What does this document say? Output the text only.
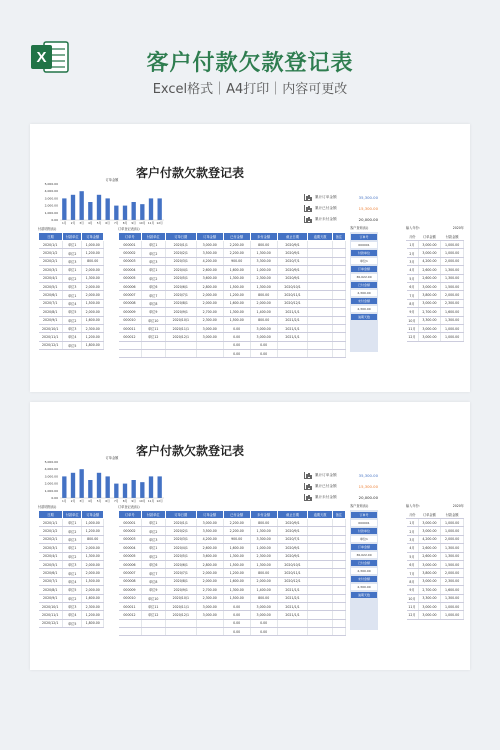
X	客户付款欠款登记表
Excel格式｜A4打印｜内容可更改
客户付款欠款登记表
订单金额
0.00
1,000.00
2,000.00
3,000.00
4,000.00
5,000.00
1月 2月 3月 4月 5月 6月 7月 8月 9月 10月 11月 12月
累计订单金额	35,300.00
累计已付金额	15,300.00
累计未付金额	20,000.00
付款明细(标)
日期	付款单位	订单金额
2020/1/1	单位1	1,000.00
2020/1/2	单位2	1,200.00
2020/2/1	单位3	800.00
2020/3/1	单位1	2,000.00
2020/4/1	单位2	1,300.00
2020/5/1	单位3	2,000.00
2020/6/1	单位1	2,000.00
2020/7/1	单位4	1,500.00
2020/8/1	单位5	2,000.00
2020/9/1	单位2	1,600.00
2020/10/1	单位3	2,300.00
2020/11/1	单位4	1,200.00
2020/12/1	单位5	1,800.00
订单登记表(标)
订单号	付款单位	订单日期	订单金额	已付金额	未付金额	截止日期	逾期天数	备注
000001	单位1	2020/1/1	3,000.00	2,200.00	800.00	2020/9/1		
000002	单位2	2020/2/1	3,500.00	2,200.00	1,300.00	2020/9/1		
000003	单位3	2020/3/1	4,200.00	900.00	3,300.00	2020/7/1		
000004	单位1	2020/4/1	2,600.00	1,600.00	1,000.00	2020/9/1		
000005	单位2	2020/5/1	3,600.00	1,300.00	2,300.00	2020/9/1		
000006	单位6	2020/6/1	2,800.00	1,500.00	1,300.00	2020/10/1		
000007	单位7	2020/7/1	2,000.00	1,200.00	800.00	2020/11/1		
000008	单位8	2020/8/1	2,000.00	1,600.00	2,000.00	2020/12/1		
000009	单位9	2020/9/1	2,700.00	1,300.00	1,400.00	2021/1/1		
000010	单位10	2020/10/1	2,300.00	1,500.00	800.00	2021/2/1		
000011	单位11	2020/11/1	3,000.00	0.00	3,000.00	2021/1/1		
000012	单位12	2020/12/1	3,000.00	0.00	3,000.00	2021/1/1		
				0.00	0.00			
				0.00	0.00			
客户查询(标)
订单号
000001
付款单位
单位1
订单金额
36,022.00
已付金额
2,300.00
未付金额
2,300.00
逾期天数
输入年份：	2020年
月份	订单金额	付款金额
1月	3,000.00	1,000.00
2月	3,000.00	1,000.00
3月	4,200.00	2,000.00
4月	2,600.00	1,300.00
5月	2,600.00	1,300.00
6月	3,000.00	1,500.00
7月	3,800.00	2,000.00
8月	3,000.00	2,300.00
9月	2,700.00	1,600.00
10月	3,300.00	1,300.00
11月	3,000.00	1,000.00
12月	3,000.00	1,000.00
客户付款欠款登记表
订单金额
0.00
1,000.00
2,000.00
3,000.00
4,000.00
5,000.00
1月 2月 3月 4月 5月 6月 7月 8月 9月 10月 11月 12月
累计订单金额	35,300.00
累计已付金额	15,300.00
累计未付金额	20,000.00
付款明细(标)
日期	付款单位	订单金额
2020/1/1	单位1	1,000.00
2020/1/2	单位2	1,200.00
2020/2/1	单位3	800.00
2020/3/1	单位1	2,000.00
2020/4/1	单位2	1,300.00
2020/5/1	单位3	2,000.00
2020/6/1	单位1	2,000.00
2020/7/1	单位4	1,500.00
2020/8/1	单位5	2,000.00
2020/9/1	单位2	1,600.00
2020/10/1	单位3	2,300.00
2020/11/1	单位4	1,200.00
2020/12/1	单位5	1,800.00
订单登记表(标)
订单号	付款单位	订单日期	订单金额	已付金额	未付金额	截止日期	逾期天数	备注
000001	单位1	2020/1/1	3,000.00	2,200.00	800.00	2020/9/1		
000002	单位2	2020/2/1	3,500.00	2,200.00	1,300.00	2020/9/1		
000003	单位3	2020/3/1	4,200.00	900.00	3,300.00	2020/7/1		
000004	单位1	2020/4/1	2,600.00	1,600.00	1,000.00	2020/9/1		
000005	单位2	2020/5/1	3,600.00	1,300.00	2,300.00	2020/9/1		
000006	单位6	2020/6/1	2,800.00	1,500.00	1,300.00	2020/10/1		
000007	单位7	2020/7/1	2,000.00	1,200.00	800.00	2020/11/1		
000008	单位8	2020/8/1	2,000.00	1,600.00	2,000.00	2020/12/1		
000009	单位9	2020/9/1	2,700.00	1,300.00	1,400.00	2021/1/1		
000010	单位10	2020/10/1	2,300.00	1,500.00	800.00	2021/2/1		
000011	单位11	2020/11/1	3,000.00	0.00	3,000.00	2021/1/1		
000012	单位12	2020/12/1	3,000.00	0.00	3,000.00	2021/1/1		
				0.00	0.00			
				0.00	0.00			
客户查询(标)
订单号
000001
付款单位
单位1
订单金额
36,022.00
已付金额
2,300.00
未付金额
2,300.00
逾期天数
输入年份：	2020年
月份	订单金额	付款金额
1月	3,000.00	1,000.00
2月	3,000.00	1,000.00
3月	4,200.00	2,000.00
4月	2,600.00	1,300.00
5月	2,600.00	1,300.00
6月	3,000.00	1,500.00
7月	3,800.00	2,000.00
8月	3,000.00	2,300.00
9月	2,700.00	1,600.00
10月	3,300.00	1,300.00
11月	3,000.00	1,000.00
12月	3,000.00	1,000.00
